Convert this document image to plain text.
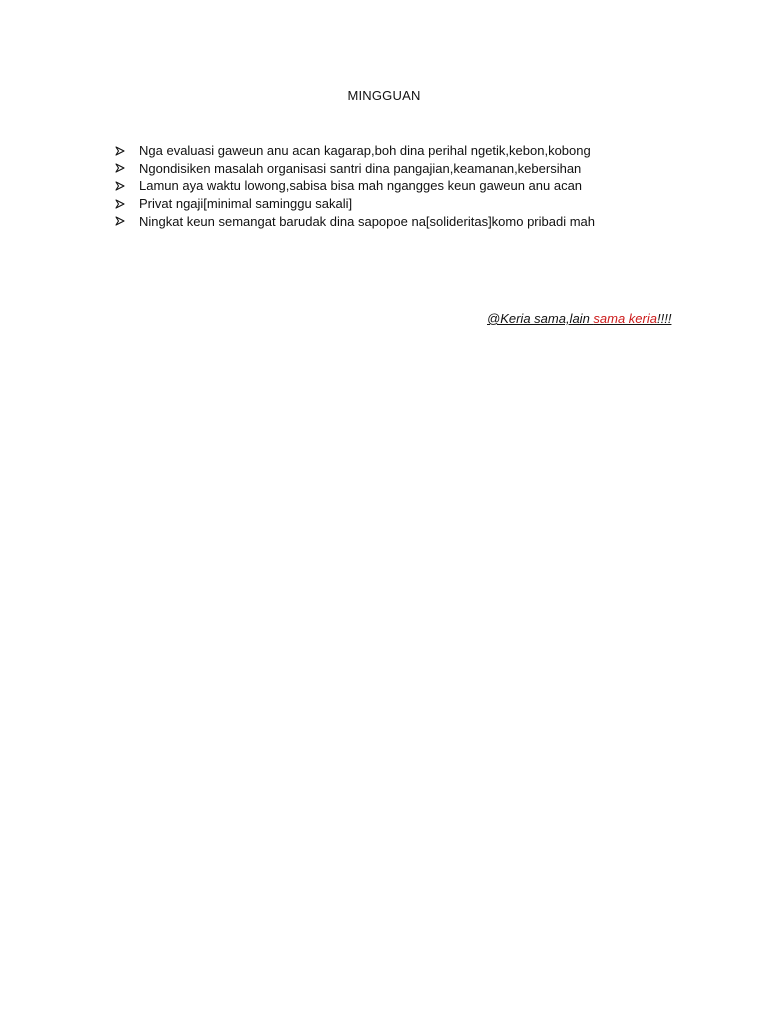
MINGGUAN
Nga evaluasi gaweun anu acan kagarap,boh dina perihal ngetik,kebon,kobong
Ngondisiken masalah organisasi santri dina pangajian,keamanan,kebersihan
Lamun aya waktu lowong,sabisa bisa mah ngangges keun gaweun anu acan
Privat ngaji[minimal saminggu sakali]
Ningkat keun semangat barudak dina sapopoe na[solideritas]komo pribadi mah
@Keria sama,lain sama keria!!!!
